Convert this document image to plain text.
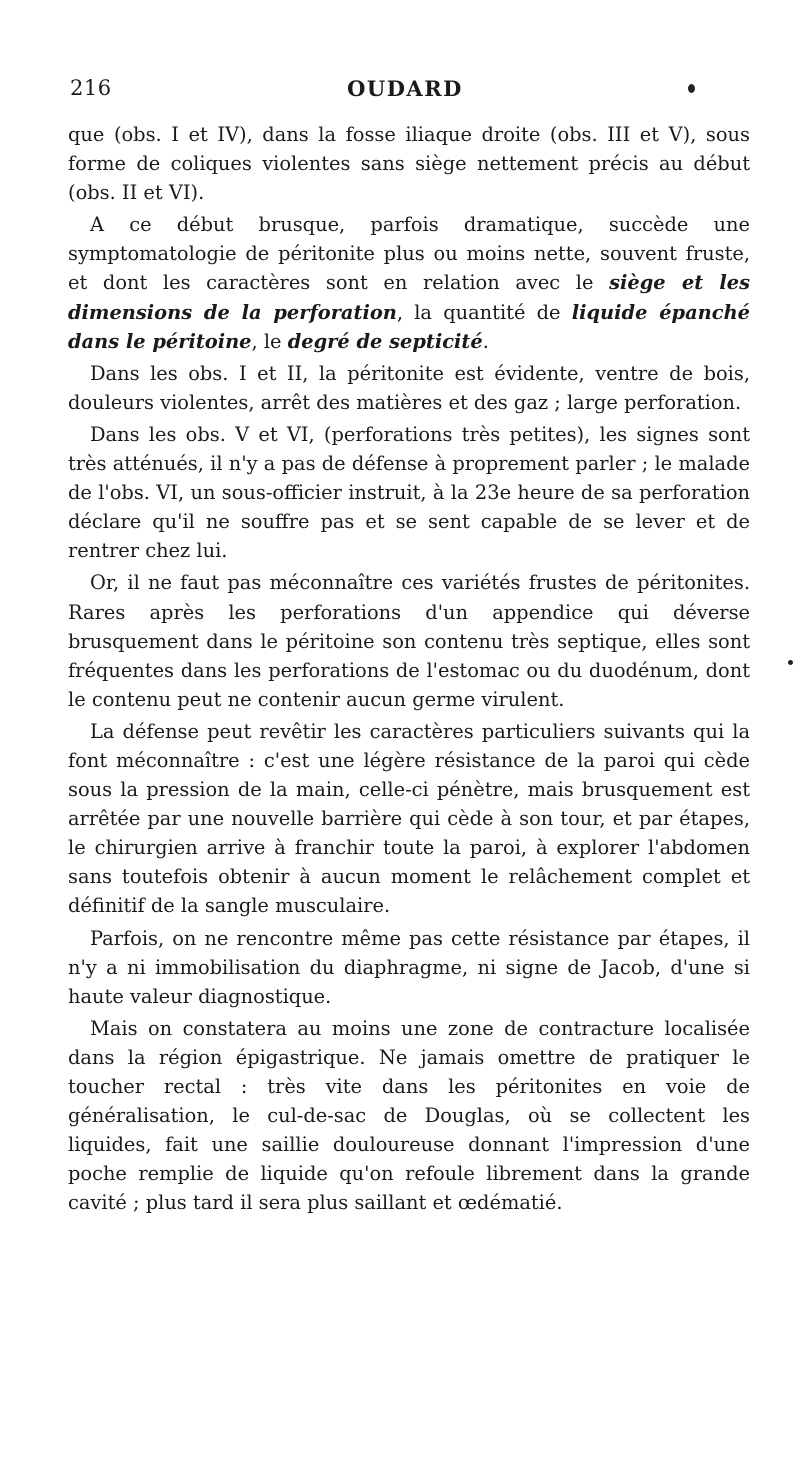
216	OUDARD

que (obs. I et IV), dans la fosse iliaque droite (obs. III et V), sous forme de coliques violentes sans siège nettement précis au début (obs. II et VI).

A ce début brusque, parfois dramatique, succède une symptomatologie de péritonite plus ou moins nette, souvent fruste, et dont les caractères sont en relation avec le siège et les dimensions de la perforation, la quantité de liquide épanché dans le péritoine, le degré de septicité.

Dans les obs. I et II, la péritonite est évidente, ventre de bois, douleurs violentes, arrêt des matières et des gaz ; large perforation.

Dans les obs. V et VI, (perforations très petites), les signes sont très atténués, il n'y a pas de défense à proprement parler ; le malade de l'obs. VI, un sous-officier instruit, à la 23e heure de sa perforation déclare qu'il ne souffre pas et se sent capable de se lever et de rentrer chez lui.

Or, il ne faut pas méconnaître ces variétés frustes de péritonites. Rares après les perforations d'un appendice qui déverse brusquement dans le péritoine son contenu très septique, elles sont fréquentes dans les perforations de l'estomac ou du duodénum, dont le contenu peut ne contenir aucun germe virulent.

La défense peut revêtir les caractères particuliers suivants qui la font méconnaître : c'est une légère résistance de la paroi qui cède sous la pression de la main, celle-ci pénètre, mais brusquement est arrêtée par une nouvelle barrière qui cède à son tour, et par étapes, le chirurgien arrive à franchir toute la paroi, à explorer l'abdomen sans toutefois obtenir à aucun moment le relâchement complet et définitif de la sangle musculaire.

Parfois, on ne rencontre même pas cette résistance par étapes, il n'y a ni immobilisation du diaphragme, ni signe de Jacob, d'une si haute valeur diagnostique.

Mais on constatera au moins une zone de contracture localisée dans la région épigastrique. Ne jamais omettre de pratiquer le toucher rectal : très vite dans les péritonites en voie de généralisation, le cul-de-sac de Douglas, où se collectent les liquides, fait une saillie douloureuse donnant l'impression d'une poche remplie de liquide qu'on refoule librement dans la grande cavité ; plus tard il sera plus saillant et œdématié.
